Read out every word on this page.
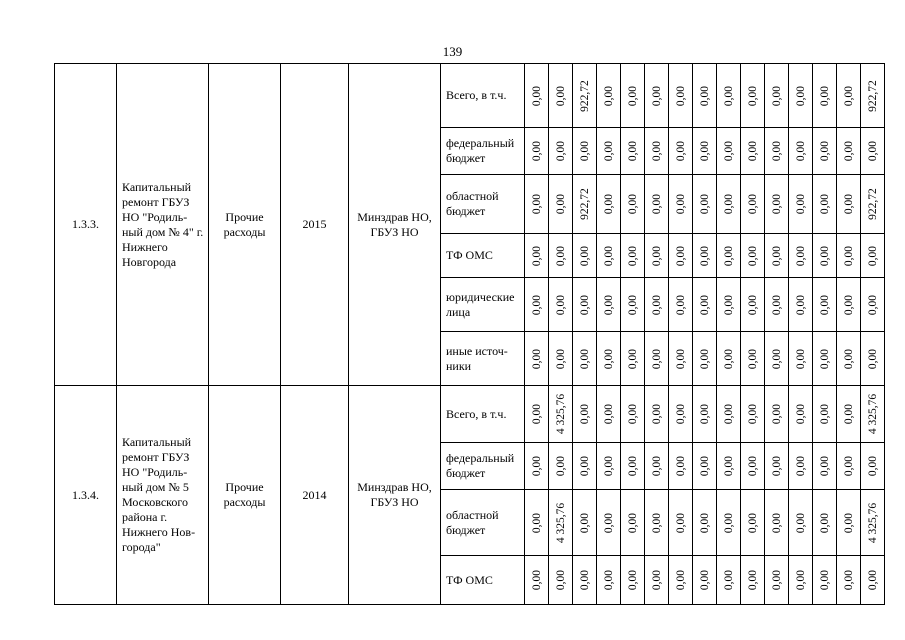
139
1.3.3.	Капитальный ремонт ГБУЗ НО "Родиль-ный дом № 4" г. Нижнего Новгорода	Прочие расходы	2015	Минздрав НО, ГБУЗ НО	Всего, в т.ч.	0,00	0,00	922,72	0,00	0,00	0,00	0,00	0,00	0,00	0,00	0,00	0,00	0,00	0,00	922,72

					федеральный бюджет	0,00	0,00	0,00	0,00	0,00	0,00	0,00	0,00	0,00	0,00	0,00	0,00	0,00	0,00	0,00

					областной бюджет	0,00	0,00	922,72	0,00	0,00	0,00	0,00	0,00	0,00	0,00	0,00	0,00	0,00	0,00	922,72

					ТФ ОМС	0,00	0,00	0,00	0,00	0,00	0,00	0,00	0,00	0,00	0,00	0,00	0,00	0,00	0,00	0,00

					юридические лица	0,00	0,00	0,00	0,00	0,00	0,00	0,00	0,00	0,00	0,00	0,00	0,00	0,00	0,00	0,00

					иные источ-ники	0,00	0,00	0,00	0,00	0,00	0,00	0,00	0,00	0,00	0,00	0,00	0,00	0,00	0,00	0,00

1.3.4.	Капитальный ремонт ГБУЗ НО "Родиль-ный дом № 5 Московского района г. Нижнего Нов-города"	Прочие расходы	2014	Минздрав НО, ГБУЗ НО	Всего, в т.ч.	0,00	4 325,76	0,00	0,00	0,00	0,00	0,00	0,00	0,00	0,00	0,00	0,00	0,00	0,00	4 325,76

					федеральный бюджет	0,00	0,00	0,00	0,00	0,00	0,00	0,00	0,00	0,00	0,00	0,00	0,00	0,00	0,00	0,00

					областной бюджет	0,00	4 325,76	0,00	0,00	0,00	0,00	0,00	0,00	0,00	0,00	0,00	0,00	0,00	0,00	4 325,76

					ТФ ОМС	0,00	0,00	0,00	0,00	0,00	0,00	0,00	0,00	0,00	0,00	0,00	0,00	0,00	0,00	0,00
